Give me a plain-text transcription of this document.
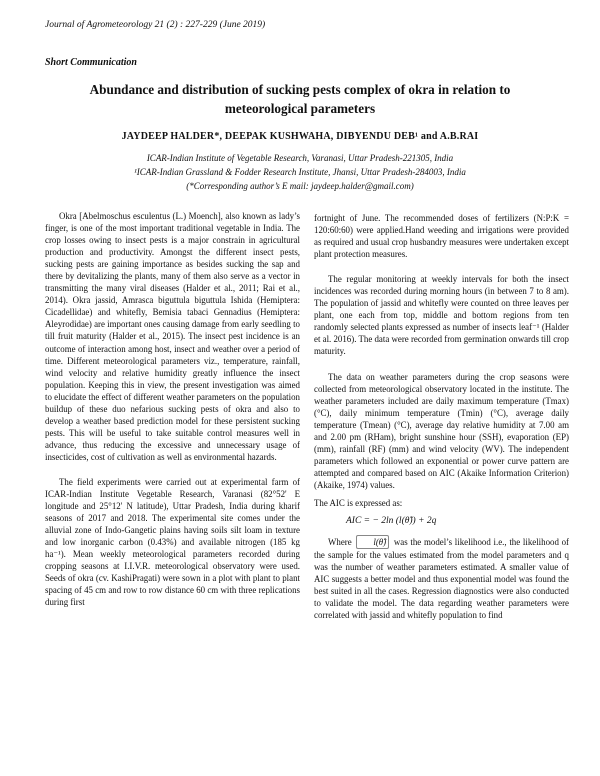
Journal of Agrometeorology 21 (2) : 227-229 (June 2019)
Short Communication
Abundance and distribution of sucking pests complex of okra in relation to meteorological parameters
JAYDEEP HALDER*, DEEPAK KUSHWAHA, DIBYENDU DEB¹ and A.B.RAI
ICAR-Indian Institute of Vegetable Research, Varanasi, Uttar Pradesh-221305, India
¹ICAR-Indian Grassland & Fodder Research Institute, Jhansi, Uttar Pradesh-284003, India
(*Corresponding author’s E mail: jaydeep.halder@gmail.com)

Okra [Abelmoschus esculentus (L.) Moench], also known as lady’s finger, is one of the most important traditional vegetable in India. The crop losses owing to insect pests is a major constrain in agricultural production and productivity. Amongst the different insect pests, sucking pests are gaining importance as besides sucking the sap and there by devitalizing the plants, many of them also serve as a vector in transmitting the many viral diseases (Halder et al., 2011; Rai et al., 2014). Okra jassid, Amrasca biguttula biguttula Ishida (Hemiptera: Cicadellidae) and whitefly, Bemisia tabaci Gennadius (Hemiptera: Aleyrodidae) are important ones causing damage from early seedling to till fruit maturity (Halder et al., 2015). The insect pest incidence is an outcome of interaction among host, insect and weather over a period of time. Different meteorological parameters viz., temperature, rainfall, wind velocity and relative humidity greatly influence the insect population. Keeping this in view, the present investigation was aimed to elucidate the effect of different weather parameters on the population buildup of these duo nefarious sucking pests of okra and also to develop a weather based prediction model for these persistent sucking pests. This will be useful to take suitable control measures well in advance, thus reducing the excessive and unnecessary usage of insecticides, cost of cultivation as well as environmental hazards.

The field experiments were carried out at experimental farm of ICAR-Indian Institute Vegetable Research, Varanasi (82°52' E longitude and 25°12' N latitude), Uttar Pradesh, India during kharif seasons of 2017 and 2018. The experimental site comes under the alluvial zone of Indo-Gangetic plains having soils silt loam in texture and low inorganic carbon (0.43%) and available nitrogen (185 kg ha⁻¹). Mean weekly meteorological parameters recorded during cropping seasons at I.I.V.R. meteorological observatory were used. Seeds of okra (cv. KashiPragati) were sown in a plot with plant to plant spacing of 45 cm and row to row distance 60 cm with three replications during first

fortnight of June. The recommended doses of fertilizers (N:P:K = 120:60:60) were applied.Hand weeding and irrigations were provided as required and usual crop husbandry measures were undertaken except plant protection measures.

The regular monitoring at weekly intervals for both the insect incidences was recorded during morning hours (in between 7 to 8 am). The population of jassid and whitefly were counted on three leaves per plant, one each from top, middle and bottom regions from ten randomly selected plants expressed as number of insects leaf⁻¹ (Halder et al. 2016). The data were recorded from germination onwards till crop maturity.

The data on weather parameters during the crop seasons were collected from meteorological observatory located in the institute. The weather parameters included are daily maximum temperature (Tmax) (°C), daily minimum temperature (Tmin) (°C), average daily temperature (Tmean) (°C), average day relative humidity at 7.00 am and 2.00 pm (RHam), bright sunshine hour (SSH), evaporation (EP) (mm), rainfall (RF) (mm) and wind velocity (WV). The independent parameters which followed an exponential or power curve pattern are attempted and compared based on AIC (Akaike Information Criterion) (Akaike, 1974) values.

The AIC is expressed as:

AIC = − 2ln (l(θ̂)) + 2q

Where l(θ̂) was the model’s likelihood i.e., the likelihood of the sample for the values estimated from the model parameters and q was the number of weather parameters estimated. A smaller value of AIC suggests a better model and thus exponential model was found the best suited in all the cases. Regression diagnostics were also conducted to validate the model. The data regarding weather parameters were correlated with jassid and whitefly population to find
